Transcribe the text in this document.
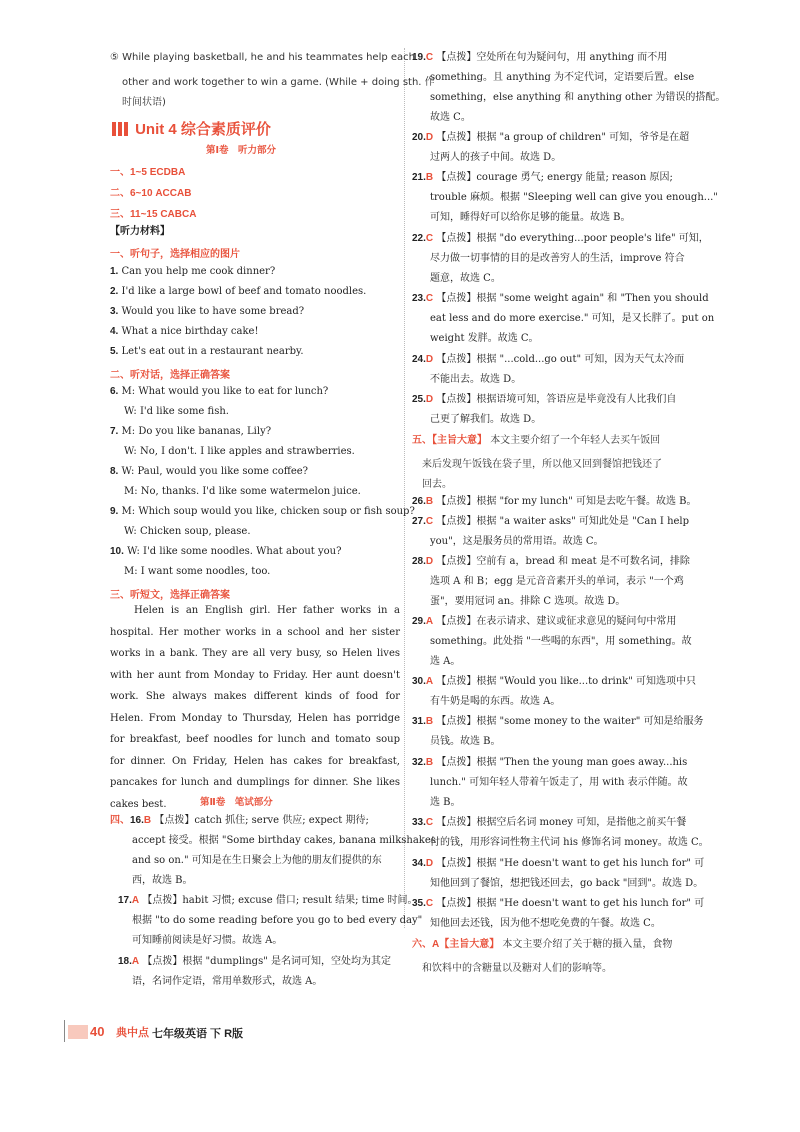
⑤ While playing basketball, he and his teammates help each
other and work together to win a game. (While + doing sth. 作
时间状语)
Unit 4 综合素质评价
第Ⅰ卷　听力部分
一、1~5 ECDBA
二、6~10 ACCAB
三、11~15 CABCA
【听力材料】
一、听句子，选择相应的图片
1. Can you help me cook dinner?
2. I'd like a large bowl of beef and tomato noodles.
3. Would you like to have some bread?
4. What a nice birthday cake!
5. Let's eat out in a restaurant nearby.
二、听对话，选择正确答案
6. M: What would you like to eat for lunch?
W: I'd like some fish.
7. M: Do you like bananas, Lily?
W: No, I don't. I like apples and strawberries.
8. W: Paul, would you like some coffee?
M: No, thanks. I'd like some watermelon juice.
9. M: Which soup would you like, chicken soup or fish soup?
W: Chicken soup, please.
10. W: I'd like some noodles. What about you?
M: I want some noodles, too.
三、听短文，选择正确答案
Helen is an English girl. Her father works in a hospital. Her mother works in a school and her sister works in a bank. They are all very busy, so Helen lives with her aunt from Monday to Friday. Her aunt doesn't work. She always makes different kinds of food for Helen. From Monday to Thursday, Helen has porridge for breakfast, beef noodles for lunch and tomato soup for dinner. On Friday, Helen has cakes for breakfast, pancakes for lunch and dumplings for dinner. She likes cakes best.	第Ⅱ卷　笔试部分
四、16.B 【点拨】catch 抓住; serve 供应; expect 期待;
accept 接受。根据 "Some birthday cakes, banana milkshakes
and so on." 可知是在生日聚会上为他的朋友们提供的东
西，故选 B。
17.A 【点拨】habit 习惯; excuse 借口; result 结果; time 时间。
根据 "to do some reading before you go to bed every day"
可知睡前阅读是好习惯。故选 A。
18.A 【点拨】根据 "dumplings" 是名词可知，空处均为其定
语，名词作定语，常用单数形式，故选 A。
19.C 【点拨】空处所在句为疑问句，用 anything 而不用
something。且 anything 为不定代词，定语要后置。else
something，else anything 和 anything other 为错误的搭配。
故选 C。
20.D 【点拨】根据 "a group of children" 可知，爷爷是在超
过两人的孩子中间。故选 D。
21.B 【点拨】courage 勇气; energy 能量; reason 原因;
trouble 麻烦。根据 "Sleeping well can give you enough..."
可知，睡得好可以给你足够的能量。故选 B。
22.C 【点拨】根据 "do everything...poor people's life" 可知，
尽力做一切事情的目的是改善穷人的生活，improve 符合
题意，故选 C。
23.C 【点拨】根据 "some weight again" 和 "Then you should
eat less and do more exercise." 可知，是又长胖了。put on
weight 发胖。故选 C。
24.D 【点拨】根据 "...cold...go out" 可知，因为天气太冷而
不能出去。故选 D。
25.D 【点拨】根据语境可知，答语应是毕竟没有人比我们自
己更了解我们。故选 D。
五、【主旨大意】 本文主要介绍了一个年轻人去买午饭回
来后发现午饭钱在袋子里，所以他又回到餐馆把钱还了
回去。
26.B 【点拨】根据 "for my lunch" 可知是去吃午餐。故选 B。
27.C 【点拨】根据 "a waiter asks" 可知此处是 "Can I help
you"，这是服务员的常用语。故选 C。
28.D 【点拨】空前有 a，bread 和 meat 是不可数名词，排除
选项 A 和 B；egg 是元音音素开头的单词，表示 "一个鸡
蛋"，要用冠词 an。排除 C 选项。故选 D。
29.A 【点拨】在表示请求、建议或征求意见的疑问句中常用
something。此处指 "一些喝的东西"，用 something。故
选 A。
30.A 【点拨】根据 "Would you like...to drink" 可知选项中只
有牛奶是喝的东西。故选 A。
31.B 【点拨】根据 "some money to the waiter" 可知是给服务
员钱。故选 B。
32.B 【点拨】根据 "Then the young man goes away...his
lunch." 可知年轻人带着午饭走了，用 with 表示伴随。故
选 B。
33.C 【点拨】根据空后名词 money 可知，是指他之前买午餐
付的钱，用形容词性物主代词 his 修饰名词 money。故选 C。
34.D 【点拨】根据 "He doesn't want to get his lunch for" 可
知他回到了餐馆，想把钱还回去，go back "回到"。故选 D。
35.C 【点拨】根据 "He doesn't want to get his lunch for" 可
知他回去还钱，因为他不想吃免费的午餐。故选 C。
六、A【主旨大意】 本文主要介绍了关于糖的摄入量，食物
和饮料中的含糖量以及糖对人们的影响等。
40 典中点 七年级英语 下 R版
